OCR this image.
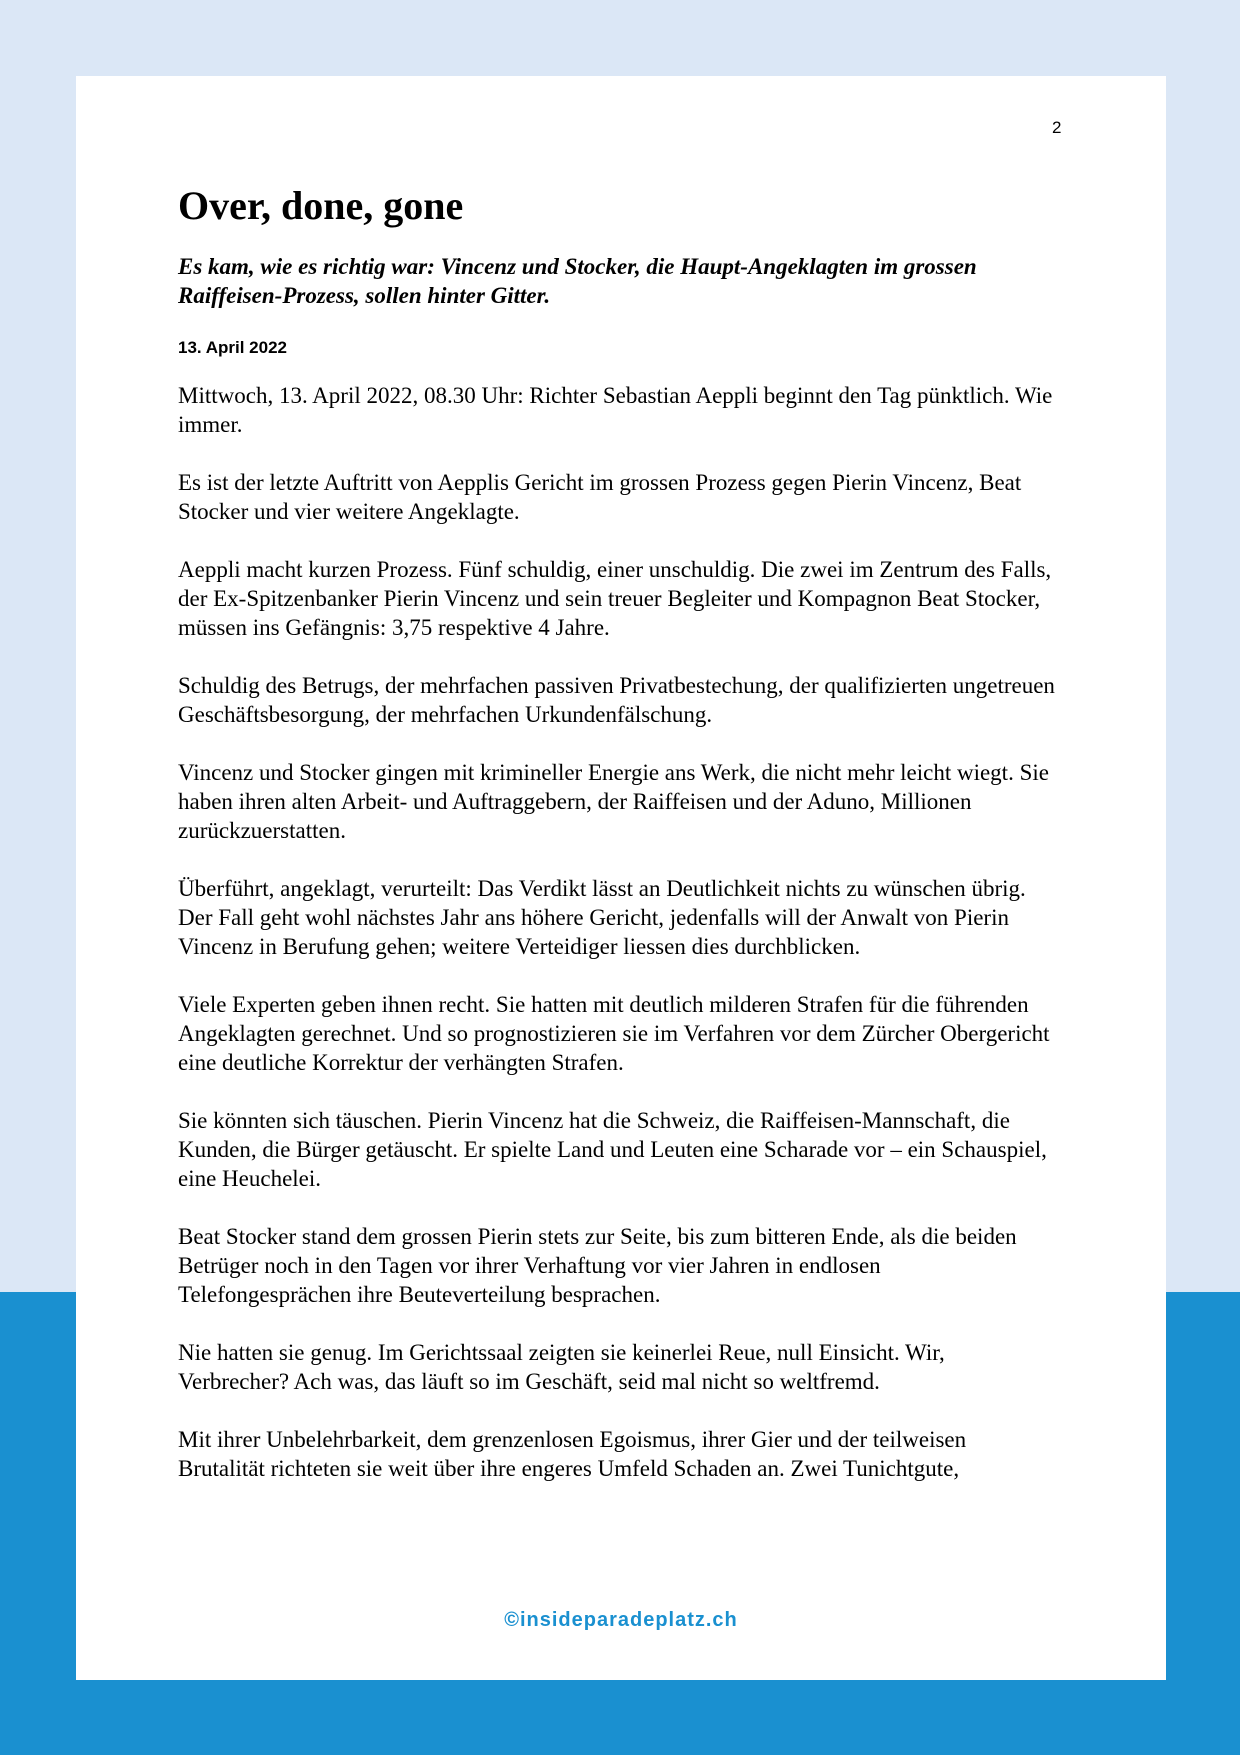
2
Over, done, gone

Es kam, wie es richtig war: Vincenz und Stocker, die Haupt-Angeklagten im grossen Raiffeisen-Prozess, sollen hinter Gitter.

13. April 2022

Mittwoch, 13. April 2022, 08.30 Uhr: Richter Sebastian Aeppli beginnt den Tag pünktlich. Wie immer.

Es ist der letzte Auftritt von Aepplis Gericht im grossen Prozess gegen Pierin Vincenz, Beat Stocker und vier weitere Angeklagte.

Aeppli macht kurzen Prozess. Fünf schuldig, einer unschuldig. Die zwei im Zentrum des Falls, der Ex-Spitzenbanker Pierin Vincenz und sein treuer Begleiter und Kompagnon Beat Stocker, müssen ins Gefängnis: 3,75 respektive 4 Jahre.

Schuldig des Betrugs, der mehrfachen passiven Privatbestechung, der qualifizierten ungetreuen Geschäftsbesorgung, der mehrfachen Urkundenfälschung.

Vincenz und Stocker gingen mit krimineller Energie ans Werk, die nicht mehr leicht wiegt. Sie haben ihren alten Arbeit- und Auftraggebern, der Raiffeisen und der Aduno, Millionen zurückzuerstatten.

Überführt, angeklagt, verurteilt: Das Verdikt lässt an Deutlichkeit nichts zu wünschen übrig. Der Fall geht wohl nächstes Jahr ans höhere Gericht, jedenfalls will der Anwalt von Pierin Vincenz in Berufung gehen; weitere Verteidiger liessen dies durchblicken.

Viele Experten geben ihnen recht. Sie hatten mit deutlich milderen Strafen für die führenden Angeklagten gerechnet. Und so prognostizieren sie im Verfahren vor dem Zürcher Obergericht eine deutliche Korrektur der verhängten Strafen.

Sie könnten sich täuschen. Pierin Vincenz hat die Schweiz, die Raiffeisen-Mannschaft, die Kunden, die Bürger getäuscht. Er spielte Land und Leuten eine Scharade vor – ein Schauspiel, eine Heuchelei.

Beat Stocker stand dem grossen Pierin stets zur Seite, bis zum bitteren Ende, als die beiden Betrüger noch in den Tagen vor ihrer Verhaftung vor vier Jahren in endlosen Telefongesprächen ihre Beuteverteilung besprachen.

Nie hatten sie genug. Im Gerichtssaal zeigten sie keinerlei Reue, null Einsicht. Wir, Verbrecher? Ach was, das läuft so im Geschäft, seid mal nicht so weltfremd.

Mit ihrer Unbelehrbarkeit, dem grenzenlosen Egoismus, ihrer Gier und der teilweisen Brutalität richteten sie weit über ihre engeres Umfeld Schaden an. Zwei Tunichtgute,

©insideparadeplatz.ch
